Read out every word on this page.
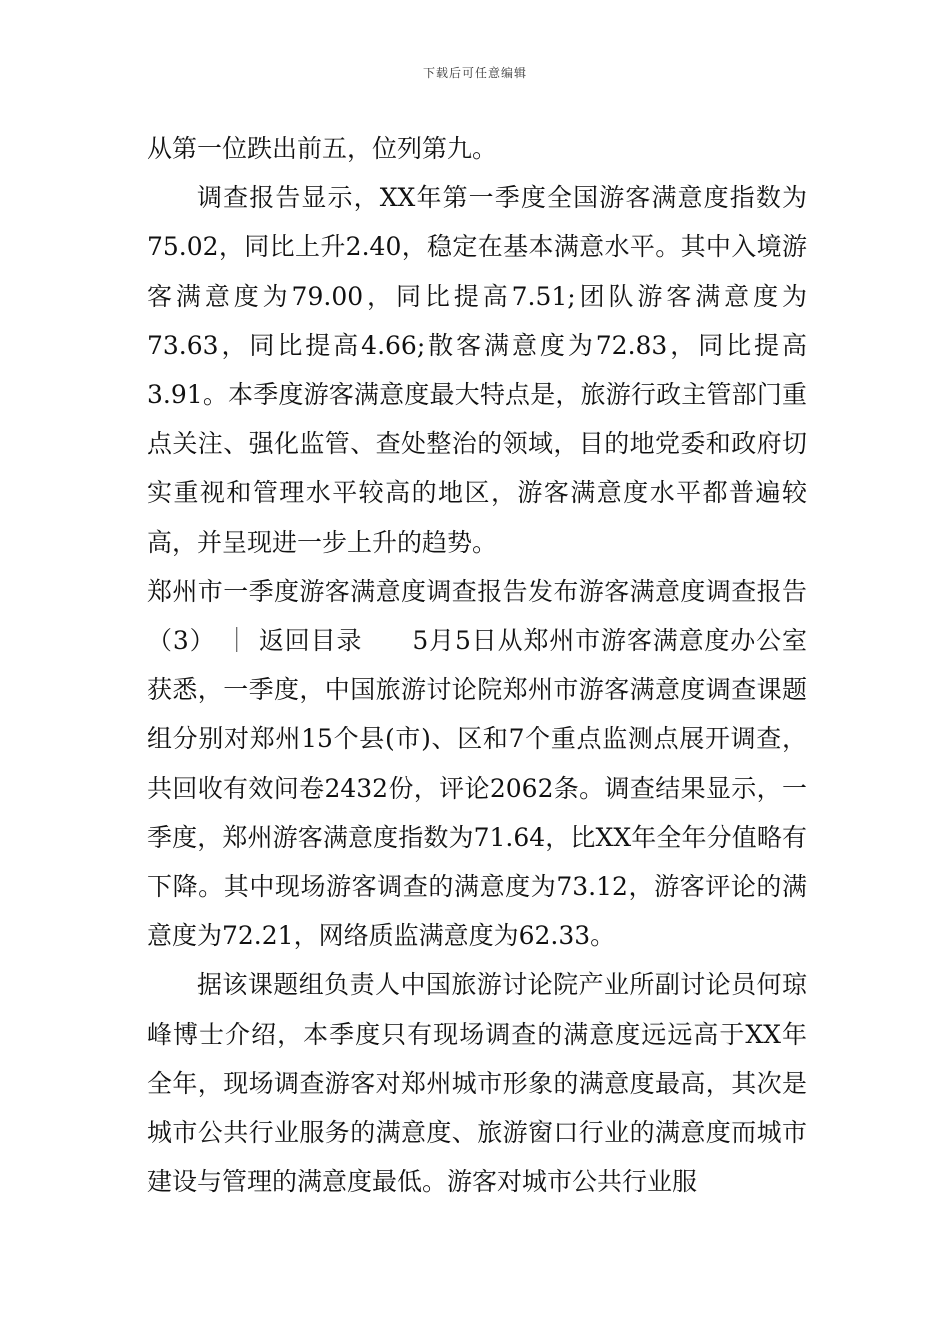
下载后可任意编辑

从第一位跌出前五，位列第九。

调查报告显示，XX年第一季度全国游客满意度指数为75.02，同比上升2.40，稳定在基本满意水平。其中入境游客满意度为79.00，同比提高7.51;团队游客满意度为73.63，同比提高4.66;散客满意度为72.83，同比提高3.91。本季度游客满意度最大特点是，旅游行政主管部门重点关注、强化监管、查处整治的领域，目的地党委和政府切实重视和管理水平较高的地区，游客满意度水平都普遍较高，并呈现进一步上升的趋势。

郑州市一季度游客满意度调查报告发布游客满意度调查报告（3） ｜ 返回目录   5月5日从郑州市游客满意度办公室获悉，一季度，中国旅游讨论院郑州市游客满意度调查课题组分别对郑州15个县(市)、区和7个重点监测点展开调查，共回收有效问卷2432份，评论2062条。调查结果显示，一季度，郑州游客满意度指数为71.64，比XX年全年分值略有下降。其中现场游客调查的满意度为73.12，游客评论的满意度为72.21，网络质监满意度为62.33。

据该课题组负责人中国旅游讨论院产业所副讨论员何琼峰博士介绍，本季度只有现场调查的满意度远远高于XX年全年，现场调查游客对郑州城市形象的满意度最高，其次是城市公共行业服务的满意度、旅游窗口行业的满意度而城市建设与管理的满意度最低。游客对城市公共行业服
